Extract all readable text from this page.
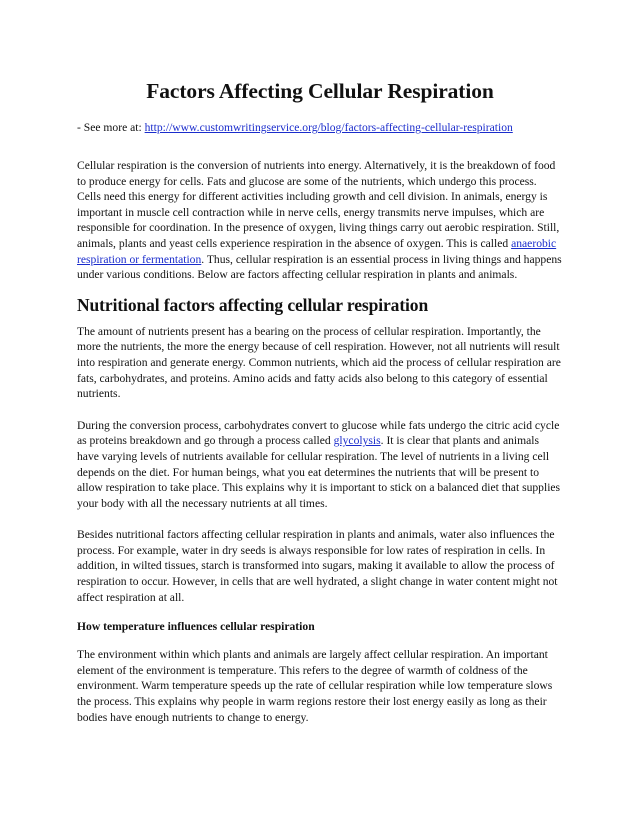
Factors Affecting Cellular Respiration
- See more at: http://www.customwritingservice.org/blog/factors-affecting-cellular-respiration

Cellular respiration is the conversion of nutrients into energy. Alternatively, it is the breakdown of food to produce energy for cells. Fats and glucose are some of the nutrients, which undergo this process. Cells need this energy for different activities including growth and cell division. In animals, energy is important in muscle cell contraction while in nerve cells, energy transmits nerve impulses, which are responsible for coordination. In the presence of oxygen, living things carry out aerobic respiration. Still, animals, plants and yeast cells experience respiration in the absence of oxygen. This is called anaerobic respiration or fermentation. Thus, cellular respiration is an essential process in living things and happens under various conditions. Below are factors affecting cellular respiration in plants and animals.

Nutritional factors affecting cellular respiration

The amount of nutrients present has a bearing on the process of cellular respiration. Importantly, the more the nutrients, the more the energy because of cell respiration. However, not all nutrients will result into respiration and generate energy. Common nutrients, which aid the process of cellular respiration are fats, carbohydrates, and proteins. Amino acids and fatty acids also belong to this category of essential nutrients.

During the conversion process, carbohydrates convert to glucose while fats undergo the citric acid cycle as proteins breakdown and go through a process called glycolysis. It is clear that plants and animals have varying levels of nutrients available for cellular respiration. The level of nutrients in a living cell depends on the diet. For human beings, what you eat determines the nutrients that will be present to allow respiration to take place. This explains why it is important to stick on a balanced diet that supplies your body with all the necessary nutrients at all times.

Besides nutritional factors affecting cellular respiration in plants and animals, water also influences the process. For example, water in dry seeds is always responsible for low rates of respiration in cells. In addition, in wilted tissues, starch is transformed into sugars, making it available to allow the process of respiration to occur. However, in cells that are well hydrated, a slight change in water content might not affect respiration at all.

How temperature influences cellular respiration

The environment within which plants and animals are largely affect cellular respiration. An important element of the environment is temperature. This refers to the degree of warmth of coldness of the environment. Warm temperature speeds up the rate of cellular respiration while low temperature slows the process. This explains why people in warm regions restore their lost energy easily as long as their bodies have enough nutrients to change to energy.
